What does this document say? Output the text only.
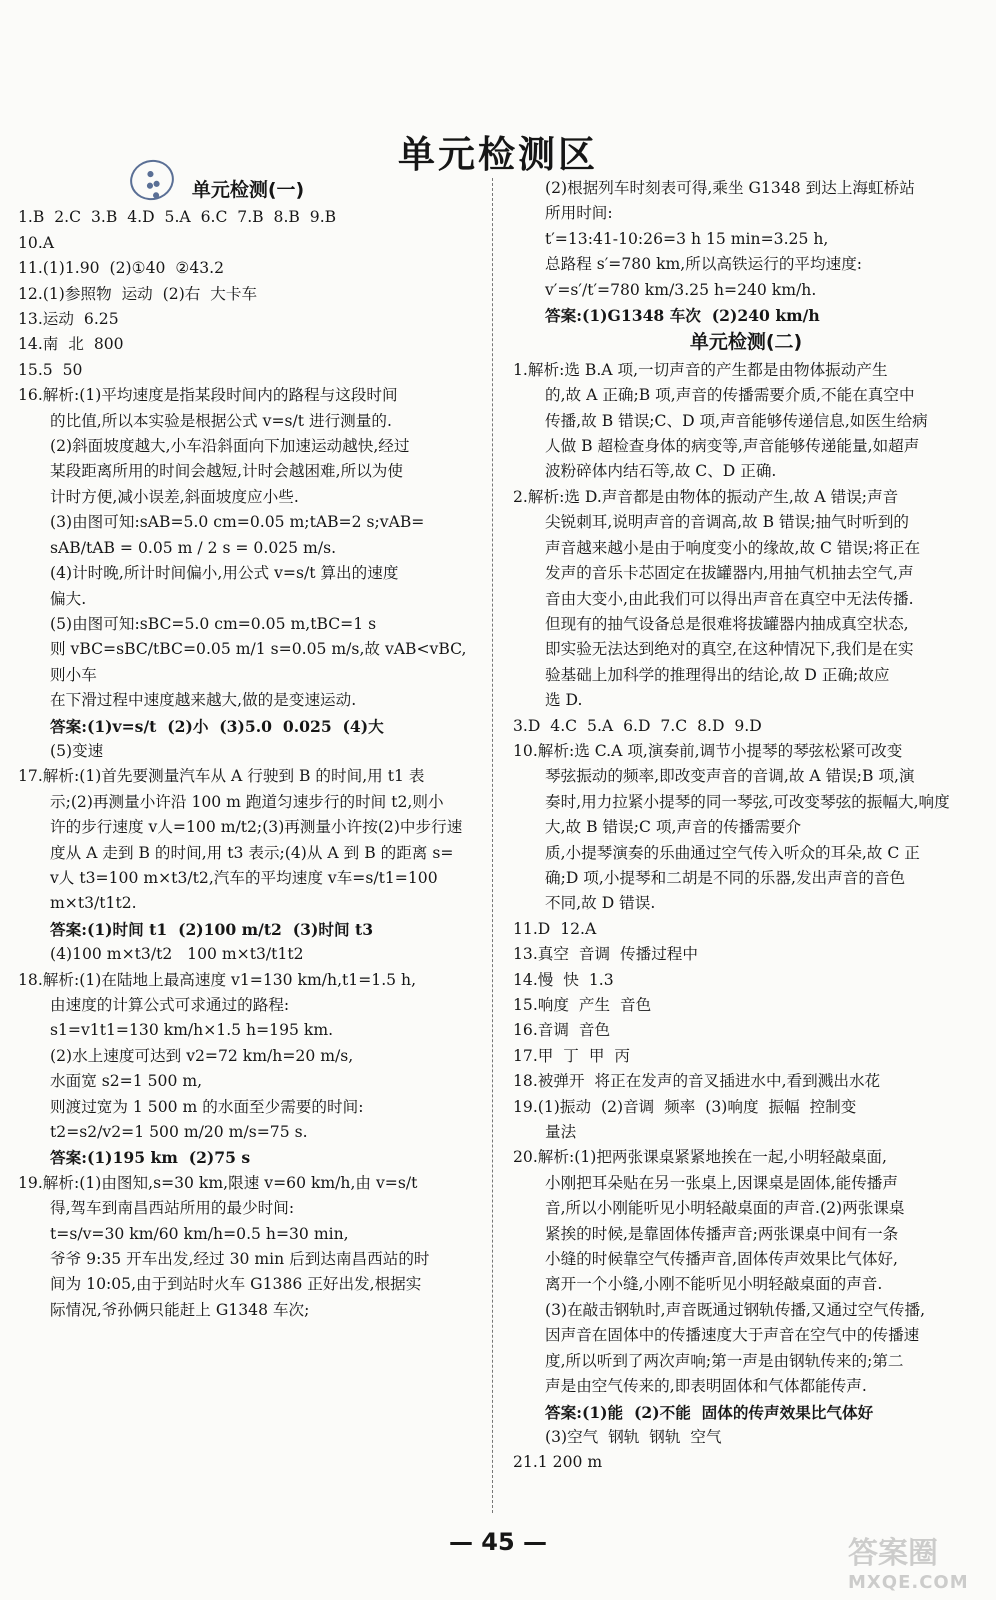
单元检测区
●
●●
●	单元检测(一)
1.B  2.C  3.B  4.D  5.A  6.C  7.B  8.B  9.B
10.A
11.(1)1.90  (2)①40  ②43.2
12.(1)参照物  运动  (2)右  大卡车
13.运动  6.25
14.南  北  800
15.5  50
16.解析:(1)平均速度是指某段时间内的路程与这段时间
的比值,所以本实验是根据公式 v=s/t 进行测量的.
(2)斜面坡度越大,小车沿斜面向下加速运动越快,经过
某段距离所用的时间会越短,计时会越困难,所以为使
计时方便,减小误差,斜面坡度应小些.
(3)由图可知:sAB=5.0 cm=0.05 m;tAB=2 s;vAB=
sAB/tAB = 0.05 m / 2 s = 0.025 m/s.
(4)计时晚,所计时间偏小,用公式 v=s/t 算出的速度
偏大.
(5)由图可知:sBC=5.0 cm=0.05 m,tBC=1 s
则 vBC=sBC/tBC=0.05 m/1 s=0.05 m/s,故 vAB<vBC,则小车
在下滑过程中速度越来越大,做的是变速运动.
答案:(1)v=s/t  (2)小  (3)5.0  0.025  (4)大
(5)变速
17.解析:(1)首先要测量汽车从 A 行驶到 B 的时间,用 t1 表
示;(2)再测量小许沿 100 m 跑道匀速步行的时间 t2,则小
许的步行速度 v人=100 m/t2;(3)再测量小许按(2)中步行速
度从 A 走到 B 的时间,用 t3 表示;(4)从 A 到 B 的距离 s=
v人 t3=100 m×t3/t2,汽车的平均速度 v车=s/t1=100 m×t3/t1t2.
答案:(1)时间 t1  (2)100 m/t2  (3)时间 t3
(4)100 m×t3/t2   100 m×t3/t1t2
18.解析:(1)在陆地上最高速度 v1=130 km/h,t1=1.5 h,
由速度的计算公式可求通过的路程:
s1=v1t1=130 km/h×1.5 h=195 km.
(2)水上速度可达到 v2=72 km/h=20 m/s,
水面宽 s2=1 500 m,
则渡过宽为 1 500 m 的水面至少需要的时间:
t2=s2/v2=1 500 m/20 m/s=75 s.
答案:(1)195 km  (2)75 s
19.解析:(1)由图知,s=30 km,限速 v=60 km/h,由 v=s/t
得,驾车到南昌西站所用的最少时间:
t=s/v=30 km/60 km/h=0.5 h=30 min,
爷爷 9:35 开车出发,经过 30 min 后到达南昌西站的时
间为 10:05,由于到站时火车 G1386 正好出发,根据实
际情况,爷孙俩只能赶上 G1348 车次;
(2)根据列车时刻表可得,乘坐 G1348 到达上海虹桥站
所用时间:
t′=13:41-10:26=3 h 15 min=3.25 h,
总路程 s′=780 km,所以高铁运行的平均速度:
v′=s′/t′=780 km/3.25 h=240 km/h.
答案:(1)G1348 车次  (2)240 km/h
单元检测(二)
1.解析:选 B.A 项,一切声音的产生都是由物体振动产生
的,故 A 正确;B 项,声音的传播需要介质,不能在真空中
传播,故 B 错误;C、D 项,声音能够传递信息,如医生给病
人做 B 超检查身体的病变等,声音能够传递能量,如超声
波粉碎体内结石等,故 C、D 正确.
2.解析:选 D.声音都是由物体的振动产生,故 A 错误;声音
尖锐刺耳,说明声音的音调高,故 B 错误;抽气时听到的
声音越来越小是由于响度变小的缘故,故 C 错误;将正在
发声的音乐卡芯固定在拔罐器内,用抽气机抽去空气,声
音由大变小,由此我们可以得出声音在真空中无法传播.
但现有的抽气设备总是很难将拔罐器内抽成真空状态,
即实验无法达到绝对的真空,在这种情况下,我们是在实
验基础上加科学的推理得出的结论,故 D 正确;故应
选 D.
3.D  4.C  5.A  6.D  7.C  8.D  9.D
10.解析:选 C.A 项,演奏前,调节小提琴的琴弦松紧可改变
琴弦振动的频率,即改变声音的音调,故 A 错误;B 项,演
奏时,用力拉紧小提琴的同一琴弦,可改变琴弦的振幅大,响度
大,故 B 错误;C 项,声音的传播需要介
质,小提琴演奏的乐曲通过空气传入听众的耳朵,故 C 正
确;D 项,小提琴和二胡是不同的乐器,发出声音的音色
不同,故 D 错误.
11.D  12.A
13.真空  音调  传播过程中
14.慢  快  1.3
15.响度  产生  音色
16.音调  音色
17.甲  丁  甲  丙
18.被弹开  将正在发声的音叉插进水中,看到溅出水花
19.(1)振动  (2)音调  频率  (3)响度  振幅  控制变
量法
20.解析:(1)把两张课桌紧紧地挨在一起,小明轻敲桌面,
小刚把耳朵贴在另一张桌上,因课桌是固体,能传播声
音,所以小刚能听见小明轻敲桌面的声音.(2)两张课桌
紧挨的时候,是靠固体传播声音;两张课桌中间有一条
小缝的时候靠空气传播声音,固体传声效果比气体好,
离开一个小缝,小刚不能听见小明轻敲桌面的声音.
(3)在敲击钢轨时,声音既通过钢轨传播,又通过空气传播,
因声音在固体中的传播速度大于声音在空气中的传播速
度,所以听到了两次声响;第一声是由钢轨传来的;第二
声是由空气传来的,即表明固体和气体都能传声.
答案:(1)能  (2)不能  固体的传声效果比气体好
(3)空气  钢轨  钢轨  空气
21.1 200 m
— 45 —	答案圈
MXQE.COM
